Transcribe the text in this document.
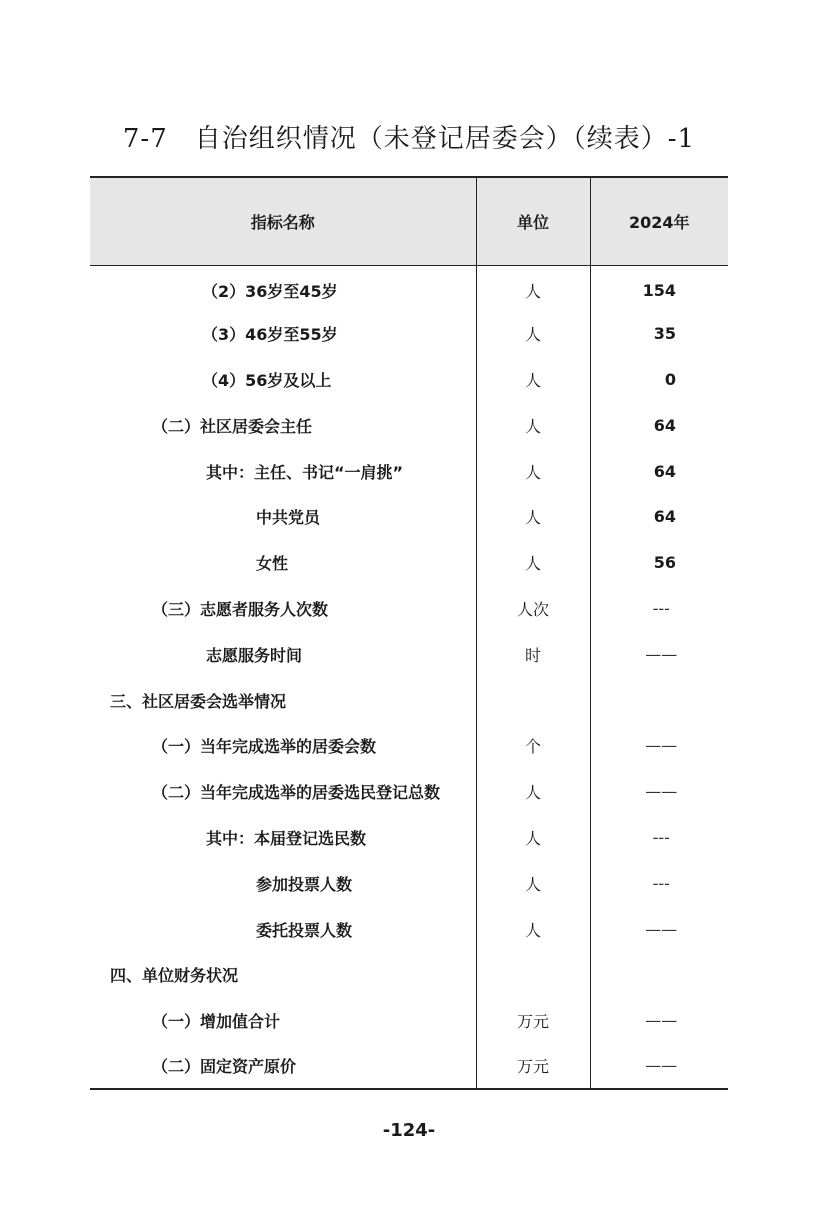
7-7　自治组织情况（未登记居委会）（续表）-1
指标名称	单位	2024年
（2）36岁至45岁	人	154
（3）46岁至55岁	人	35
（4）56岁及以上	人	0
（二）社区居委会主任	人	64
其中：主任、书记“一肩挑”	人	64
中共党员	人	64
女性	人	56
（三）志愿者服务人次数	人次	---
志愿服务时间	时	——
三、社区居委会选举情况		
（一）当年完成选举的居委会数	个	——
（二）当年完成选举的居委选民登记总数	人	——
其中：本届登记选民数	人	---
参加投票人数	人	---
委托投票人数	人	——
四、单位财务状况		
（一）增加值合计	万元	——
（二）固定资产原价	万元	——
-124-
